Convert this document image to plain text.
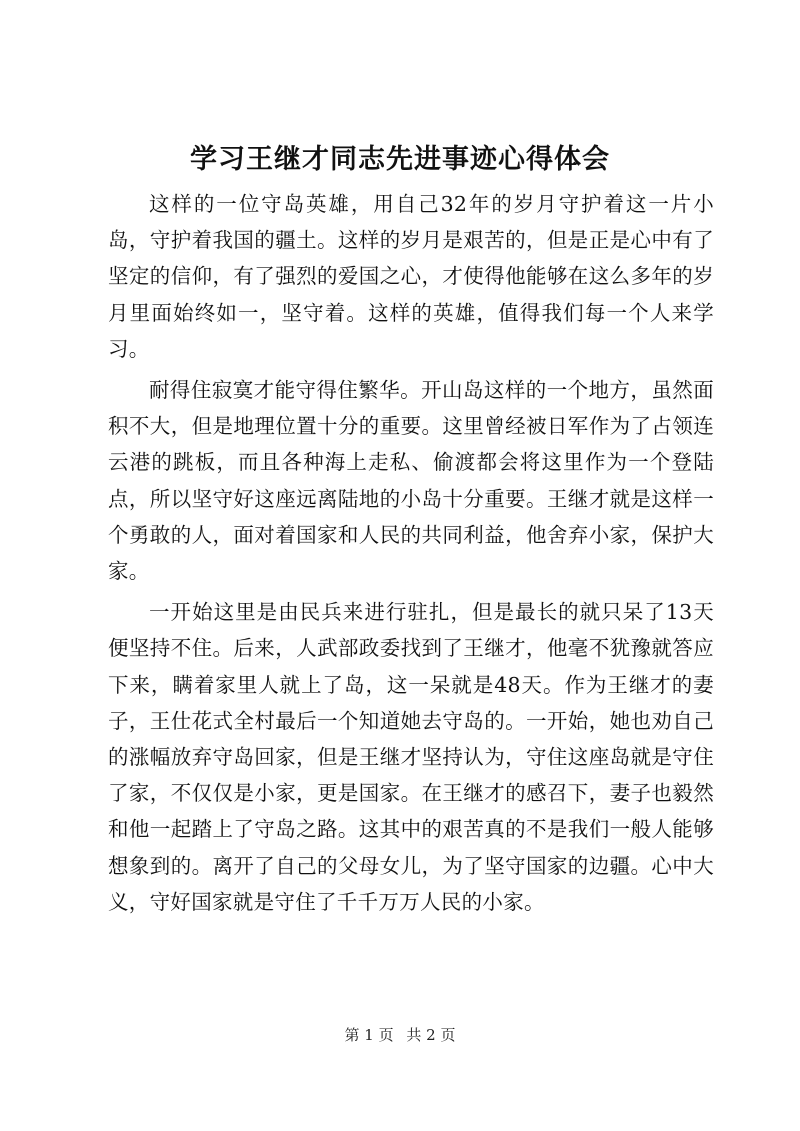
学习王继才同志先进事迹心得体会

这样的一位守岛英雄，用自己32年的岁月守护着这一片小岛，守护着我国的疆土。这样的岁月是艰苦的，但是正是心中有了坚定的信仰，有了强烈的爱国之心，才使得他能够在这么多年的岁月里面始终如一，坚守着。这样的英雄，值得我们每一个人来学习。

耐得住寂寞才能守得住繁华。开山岛这样的一个地方，虽然面积不大，但是地理位置十分的重要。这里曾经被日军作为了占领连云港的跳板，而且各种海上走私、偷渡都会将这里作为一个登陆点，所以坚守好这座远离陆地的小岛十分重要。王继才就是这样一个勇敢的人，面对着国家和人民的共同利益，他舍弃小家，保护大家。

一开始这里是由民兵来进行驻扎，但是最长的就只呆了13天便坚持不住。后来，人武部政委找到了王继才，他毫不犹豫就答应下来，瞒着家里人就上了岛，这一呆就是48天。作为王继才的妻子，王仕花式全村最后一个知道她去守岛的。一开始，她也劝自己的涨幅放弃守岛回家，但是王继才坚持认为，守住这座岛就是守住了家，不仅仅是小家，更是国家。在王继才的感召下，妻子也毅然和他一起踏上了守岛之路。这其中的艰苦真的不是我们一般人能够想象到的。离开了自己的父母女儿，为了坚守国家的边疆。心中大义，守好国家就是守住了千千万万人民的小家。

第 1 页 共 2 页
